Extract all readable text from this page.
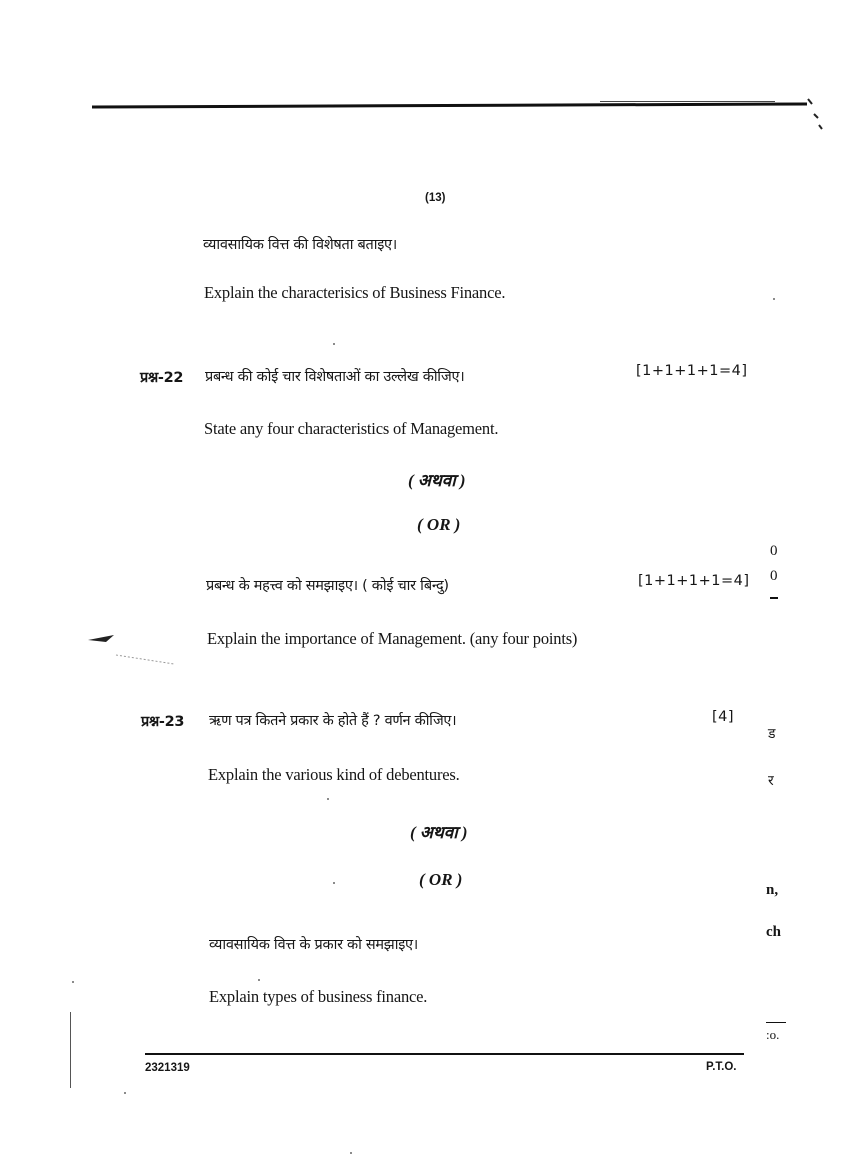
(13)
व्यावसायिक वित्त की विशेषता बताइए।
Explain the characterisics of Business Finance.
प्रश्न-22 प्रबन्ध की कोई चार विशेषताओं का उल्लेख कीजिए।	[1+1+1+1=4]
State any four characteristics of Management.
( अथवा )
( OR )
प्रबन्ध के महत्त्व को समझाइए। ( कोई चार बिन्दु)	[1+1+1+1=4]
Explain the importance of Management. (any four points)
प्रश्न-23 ऋण पत्र कितने प्रकार के होते हैं ? वर्णन कीजिए।	[4]
Explain the various kind of debentures.
( अथवा )
( OR )
व्यावसायिक वित्त के प्रकार को समझाइए।
Explain types of business finance.
2321319	P.T.O.
0
0
ड
र
n,
ch
:o.
